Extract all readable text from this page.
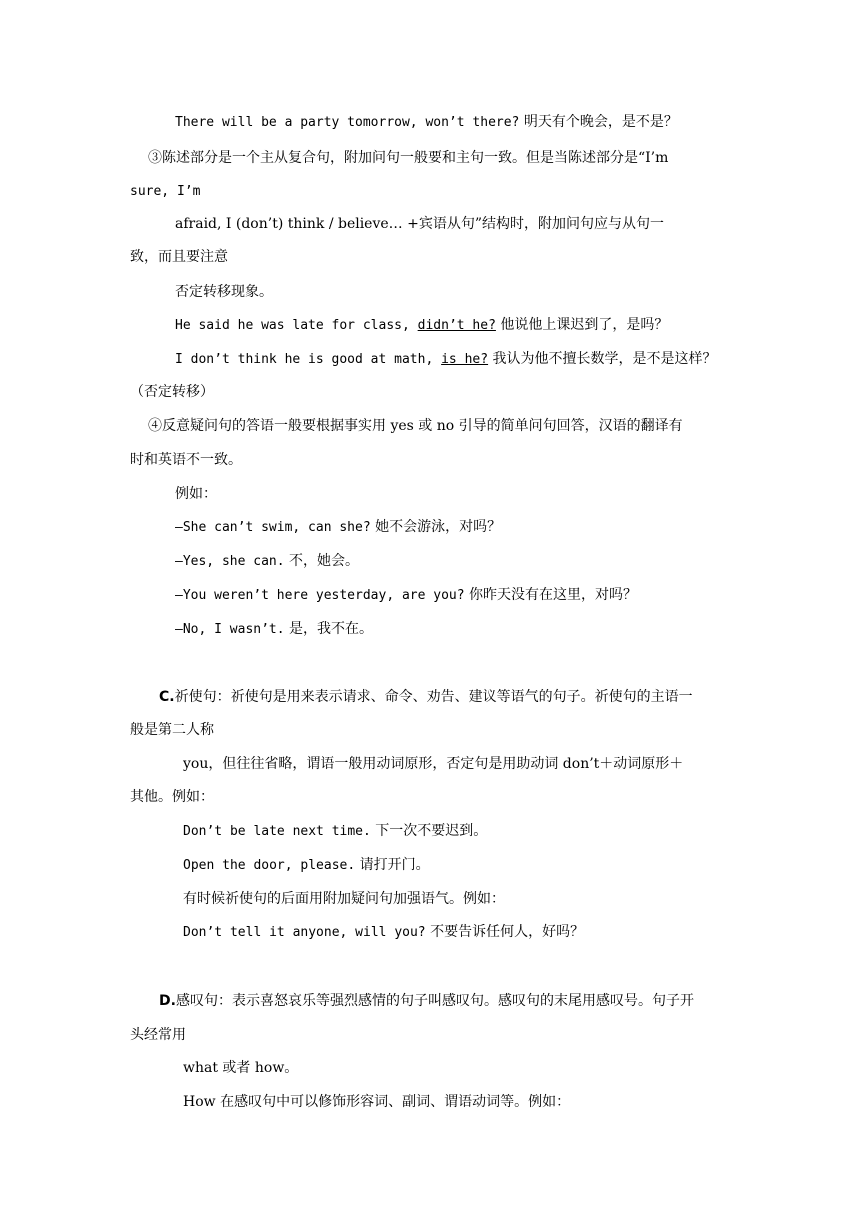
There will be a party tomorrow, won’t there? 明天有个晚会，是不是？
③陈述部分是一个主从复合句，附加问句一般要和主句一致。但是当陈述部分是“I’m
sure, I’m
afraid, I (don’t) think / believe… +宾语从句”结构时，附加问句应与从句一
致，而且要注意
否定转移现象。
He said he was late for class, didn’t he? 他说他上课迟到了，是吗？
I don’t think he is good at math, is he? 我认为他不擅长数学，是不是这样？
（否定转移）
④反意疑问句的答语一般要根据事实用 yes 或 no 引导的简单问句回答，汉语的翻译有
时和英语不一致。
例如：
—She can’t swim, can she? 她不会游泳，对吗？
—Yes, she can. 不，她会。
—You weren’t here yesterday, are you? 你昨天没有在这里，对吗？
—No, I wasn’t. 是，我不在。
C.祈使句：祈使句是用来表示请求、命令、劝告、建议等语气的句子。祈使句的主语一
般是第二人称
you，但往往省略，谓语一般用动词原形，否定句是用助动词 don’t＋动词原形＋
其他。例如：
Don’t be late next time. 下一次不要迟到。
Open the door, please. 请打开门。
有时候祈使句的后面用附加疑问句加强语气。例如：
Don’t tell it anyone, will you? 不要告诉任何人，好吗？
D.感叹句：表示喜怒哀乐等强烈感情的句子叫感叹句。感叹句的末尾用感叹号。句子开
头经常用
what 或者 how。
How 在感叹句中可以修饰形容词、副词、谓语动词等。例如：
